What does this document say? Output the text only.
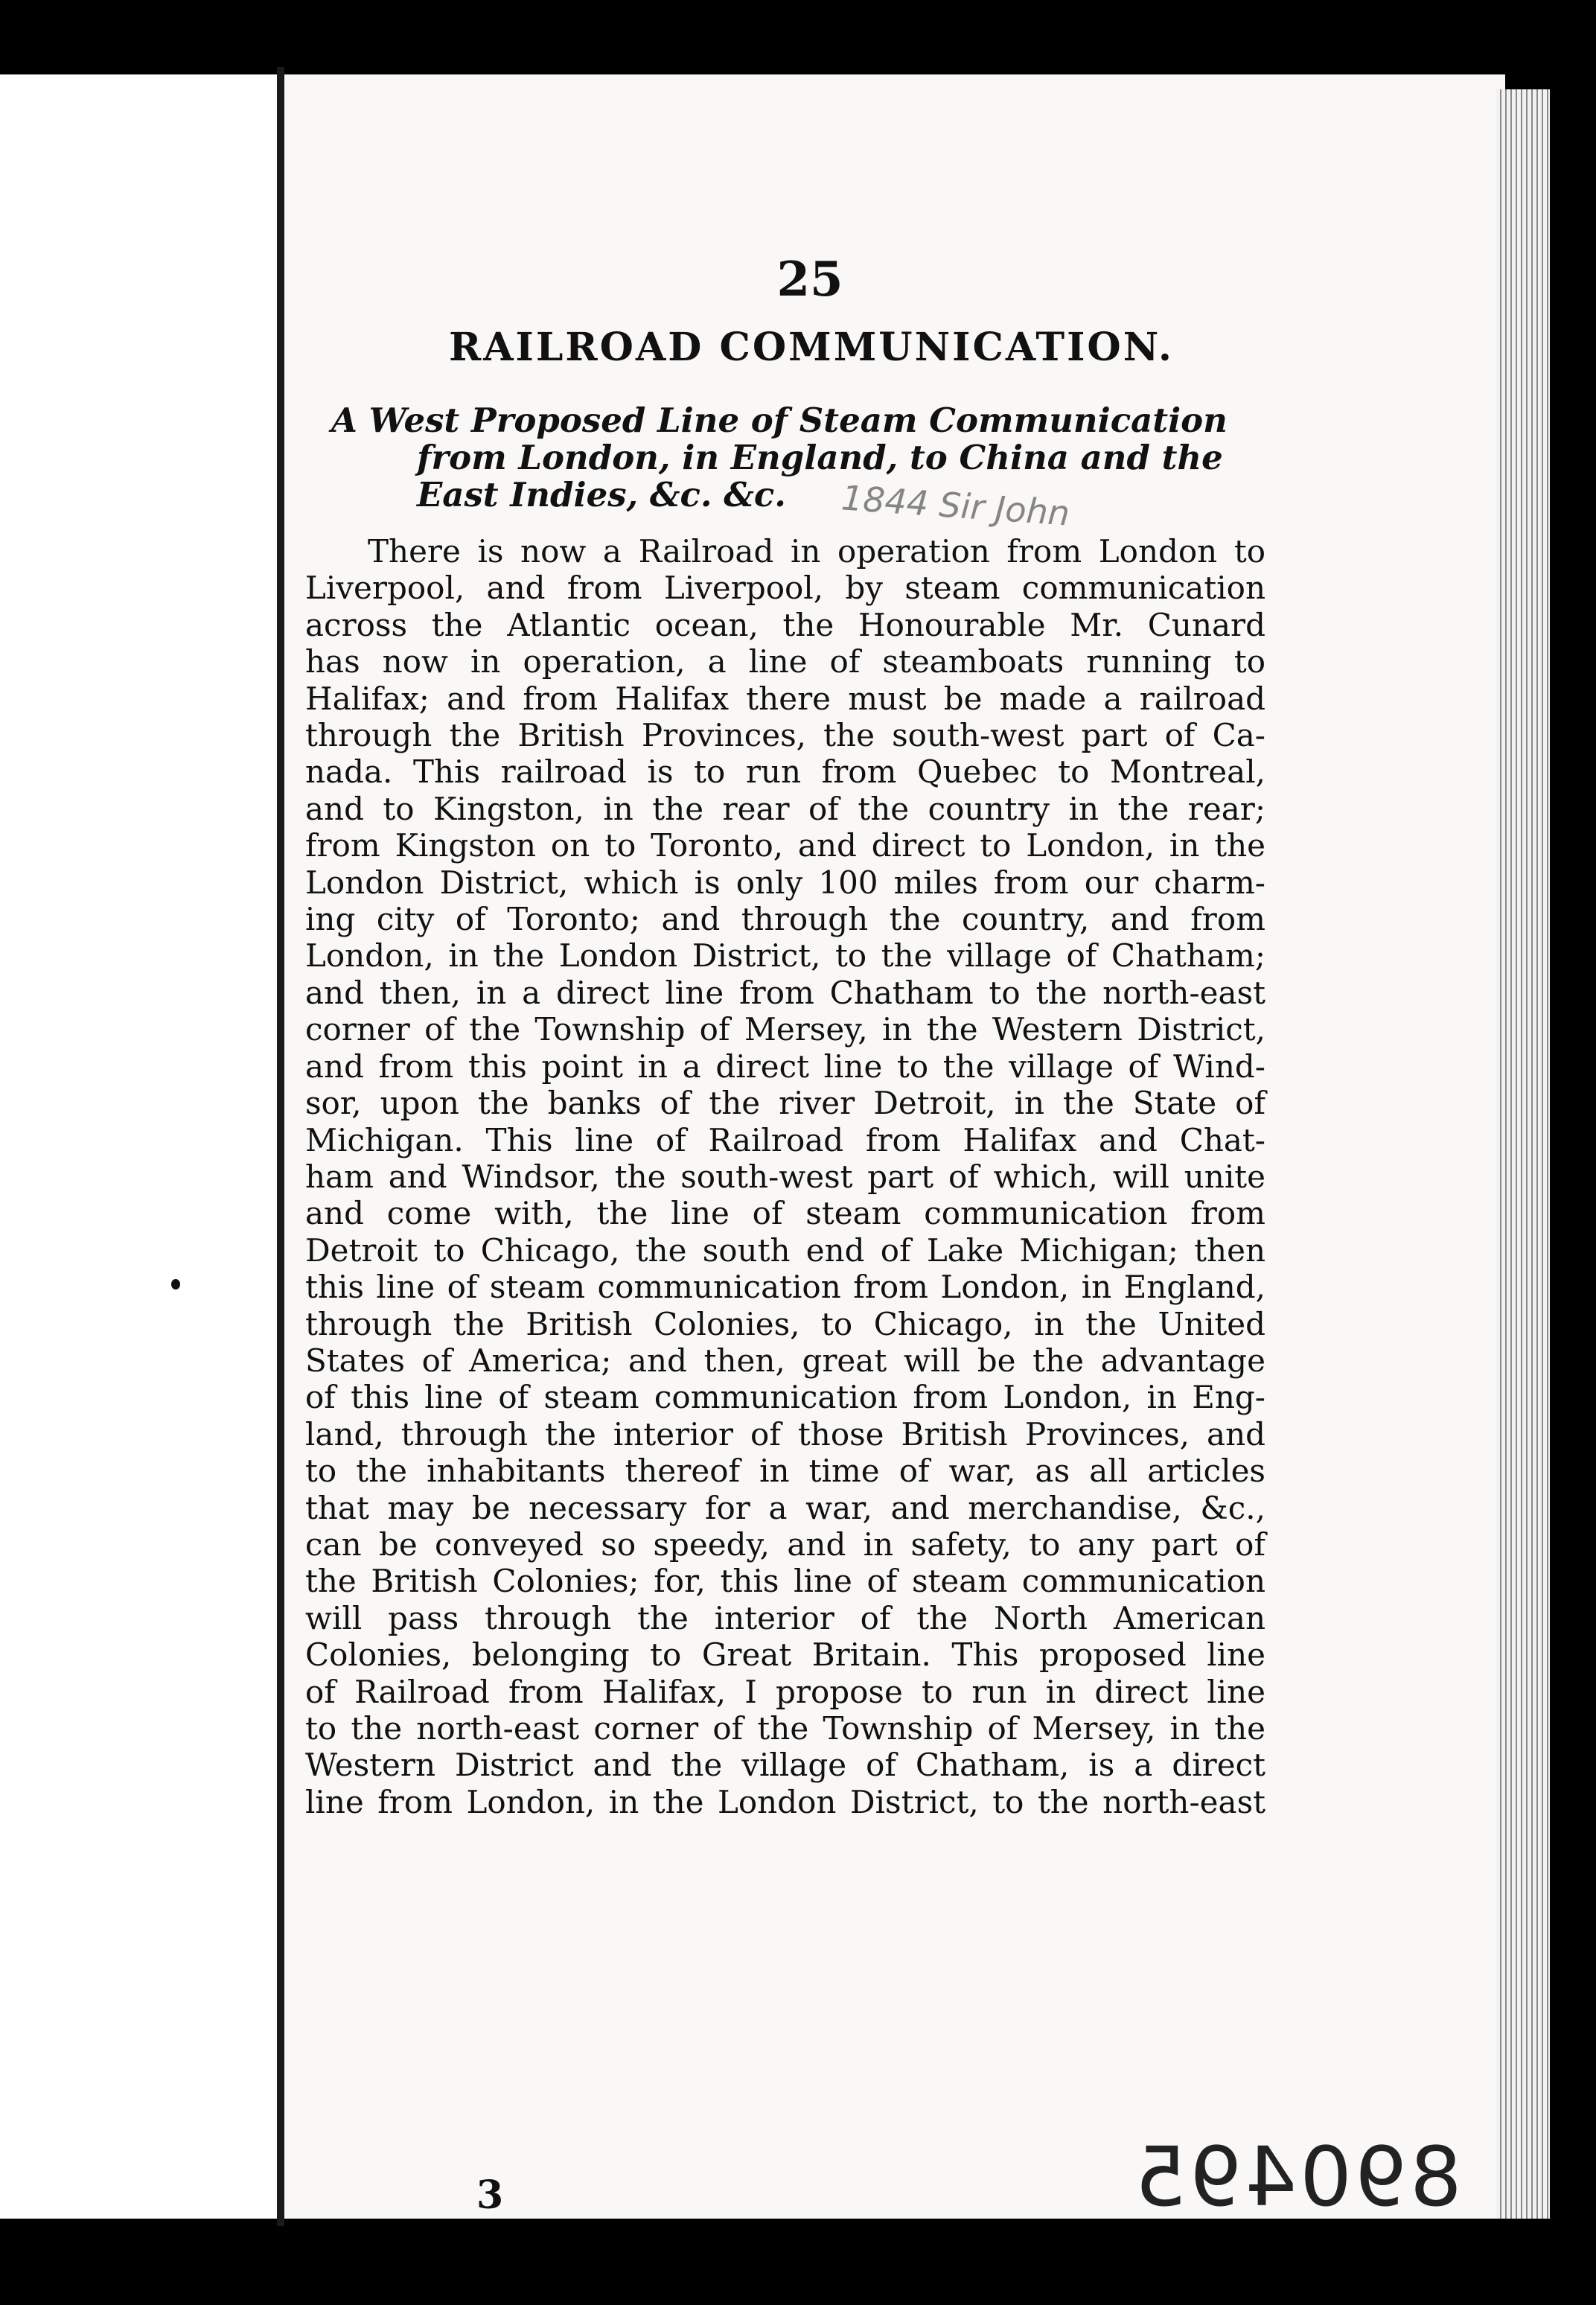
25
RAILROAD COMMUNICATION.
A West Proposed Line of Steam Communication
from London, in England, to China and the
East Indies, &c. &c.	1844 Sir John
There is now a Railroad in operation from London to
Liverpool, and from Liverpool, by steam communication
across the Atlantic ocean, the Honourable Mr. Cunard
has now in operation, a line of steamboats running to
Halifax; and from Halifax there must be made a railroad
through the British Provinces, the south-west part of Ca-
nada. This railroad is to run from Quebec to Montreal,
and to Kingston, in the rear of the country in the rear;
from Kingston on to Toronto, and direct to London, in the
London District, which is only 100 miles from our charm-
ing city of Toronto; and through the country, and from
London, in the London District, to the village of Chatham;
and then, in a direct line from Chatham to the north-east
corner of the Township of Mersey, in the Western District,
and from this point in a direct line to the village of Wind-
sor, upon the banks of the river Detroit, in the State of
Michigan. This line of Railroad from Halifax and Chat-
ham and Windsor, the south-west part of which, will unite
and come with, the line of steam communication from
Detroit to Chicago, the south end of Lake Michigan; then
this line of steam communication from London, in England,
through the British Colonies, to Chicago, in the United
States of America; and then, great will be the advantage
of this line of steam communication from London, in Eng-
land, through the interior of those British Provinces, and
to the inhabitants thereof in time of war, as all articles
that may be necessary for a war, and merchandise, &c.,
can be conveyed so speedy, and in safety, to any part of
the British Colonies; for, this line of steam communication
will pass through the interior of the North American
Colonies, belonging to Great Britain. This proposed line
of Railroad from Halifax, I propose to run in direct line
to the north-east corner of the Township of Mersey, in the
Western District and the village of Chatham, is a direct
line from London, in the London District, to the north-east
3	890495
